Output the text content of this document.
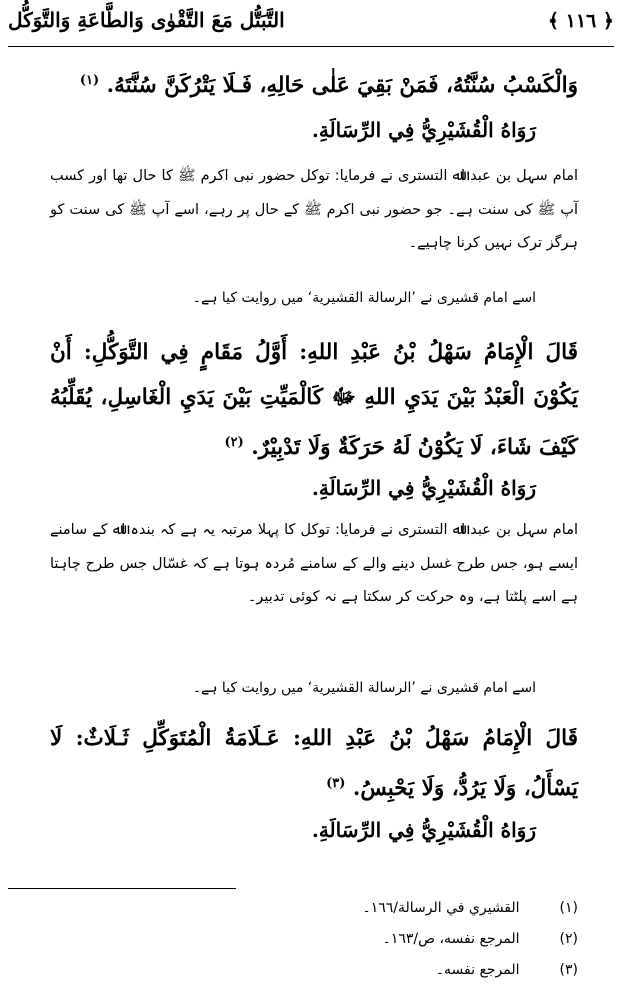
﴿ ١١٦ ﴾
التَّبَتُّل مَعَ التَّقْوٰى وَالطَّاعَةِ وَالتَّوَكُّل
وَالْكَسْبُ سُنَّتُهُ، فَمَنْ بَقِيَ عَلٰى حَالِهِ، فَـلَا يَتْرُكَنَّ سُنَّتَهُ. $^{(١)}$
رَوَاهُ الْقُشَيْرِيُّ فِي الرِّسَالَةِ.
امام سہل بن عبد اﷲ التستری نے فرمایا: توکل حضور نبی اکرم ﷺ کا حال تھا اور کسب آپ ﷺ کی سنت ہے۔ جو حضور نبی اکرم ﷺ کے حال پر رہے، اسے آپ ﷺ کی سنت کو ہرگز ترک نہیں کرنا چاہیے۔
اسے امام قشیری نے ’الرسالة القشيرية‘ میں روایت کیا ہے۔
قَالَ الْإِمَامُ سَهْلُ بْنُ عَبْدِ اللهِ: أَوَّلُ مَقَامٍ فِي التَّوَكُّلِ: أَنْ يَكُوْنَ الْعَبْدُ بَيْنَ يَدَيِ اللهِ ﷻ كَالْمَيِّتِ بَيْنَ يَدَيِ الْغَاسِلِ، يُقَلِّبُهُ كَيْفَ شَاءَ، لَا يَكُوْنُ لَهُ حَرَكَةٌ وَلَا تَدْبِيْرٌ. $^{(٢)}$
رَوَاهُ الْقُشَيْرِيُّ فِي الرِّسَالَةِ.
امام سہل بن عبد اﷲ التستری نے فرمایا: توکل کا پہلا مرتبہ یہ ہے کہ بندہ اﷲ کے سامنے ایسے ہو، جس طرح غسل دینے والے کے سامنے مُردہ ہوتا ہے کہ غسّال جس طرح چاہتا ہے اسے پلٹتا ہے، وہ حرکت کر سکتا ہے نہ کوئی تدبیر۔
اسے امام قشیری نے ’الرسالة القشيرية‘ میں روایت کیا ہے۔
قَالَ الْإِمَامُ سَهْلُ بْنُ عَبْدِ اللهِ: عَـلَامَةُ الْمُتَوَكِّلِ ثَـلَاثٌ: لَا يَسْأَلُ، وَلَا يَرُدُّ، وَلَا يَحْبِسُ. $^{(٣)}$
رَوَاهُ الْقُشَيْرِيُّ فِي الرِّسَالَةِ.
(١) القشيري في الرسالة/١٦٦۔
(٢) المرجع نفسه، ص/١٦٣۔
(٣) المرجع نفسه۔
